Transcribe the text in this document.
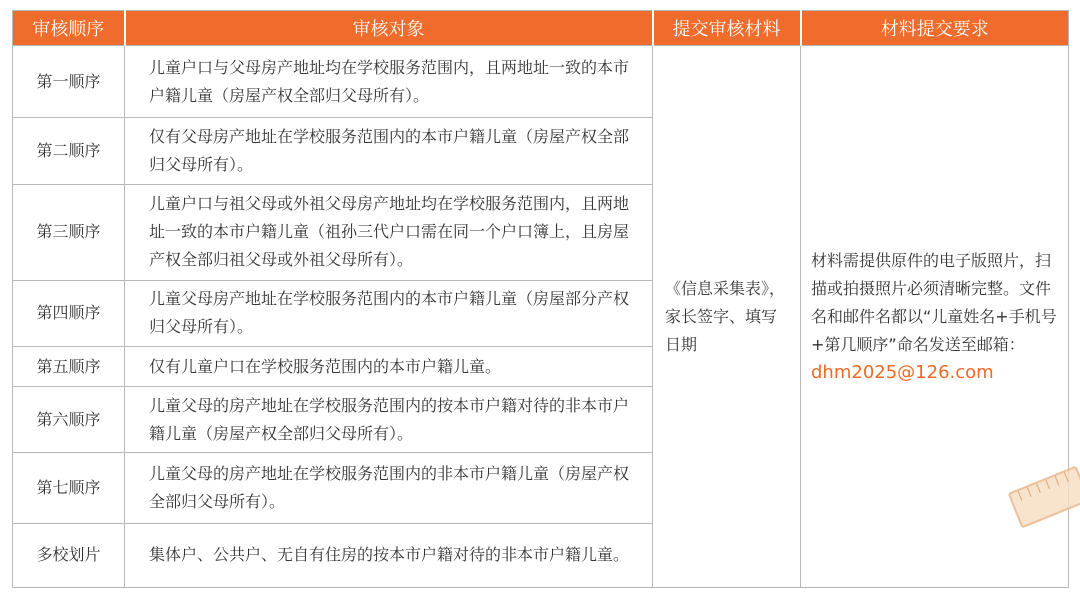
审核顺序	审核对象	提交审核材料	材料提交要求
第一顺序	儿童户口与父母房产地址均在学校服务范围内，且两地址一致的本市户籍儿童（房屋产权全部归父母所有）。	《信息采集表》，家长签字、填写日期	材料需提供原件的电子版照片，扫描或拍摄照片必须清晰完整。文件名和邮件名都以“儿童姓名+手机号+第几顺序”命名发送至邮箱：dhm2025@126.com
第二顺序	仅有父母房产地址在学校服务范围内的本市户籍儿童（房屋产权全部归父母所有）。		
第三顺序	儿童户口与祖父母或外祖父母房产地址均在学校服务范围内，且两地址一致的本市户籍儿童（祖孙三代户口需在同一个户口簿上，且房屋产权全部归祖父母或外祖父母所有）。		
第四顺序	儿童父母房产地址在学校服务范围内的本市户籍儿童（房屋部分产权归父母所有）。		
第五顺序	仅有儿童户口在学校服务范围内的本市户籍儿童。		
第六顺序	儿童父母的房产地址在学校服务范围内的按本市户籍对待的非本市户籍儿童（房屋产权全部归父母所有）。		
第七顺序	儿童父母的房产地址在学校服务范围内的非本市户籍儿童（房屋产权全部归父母所有）。		
多校划片	集体户、公共户、无自有住房的按本市户籍对待的非本市户籍儿童。		
